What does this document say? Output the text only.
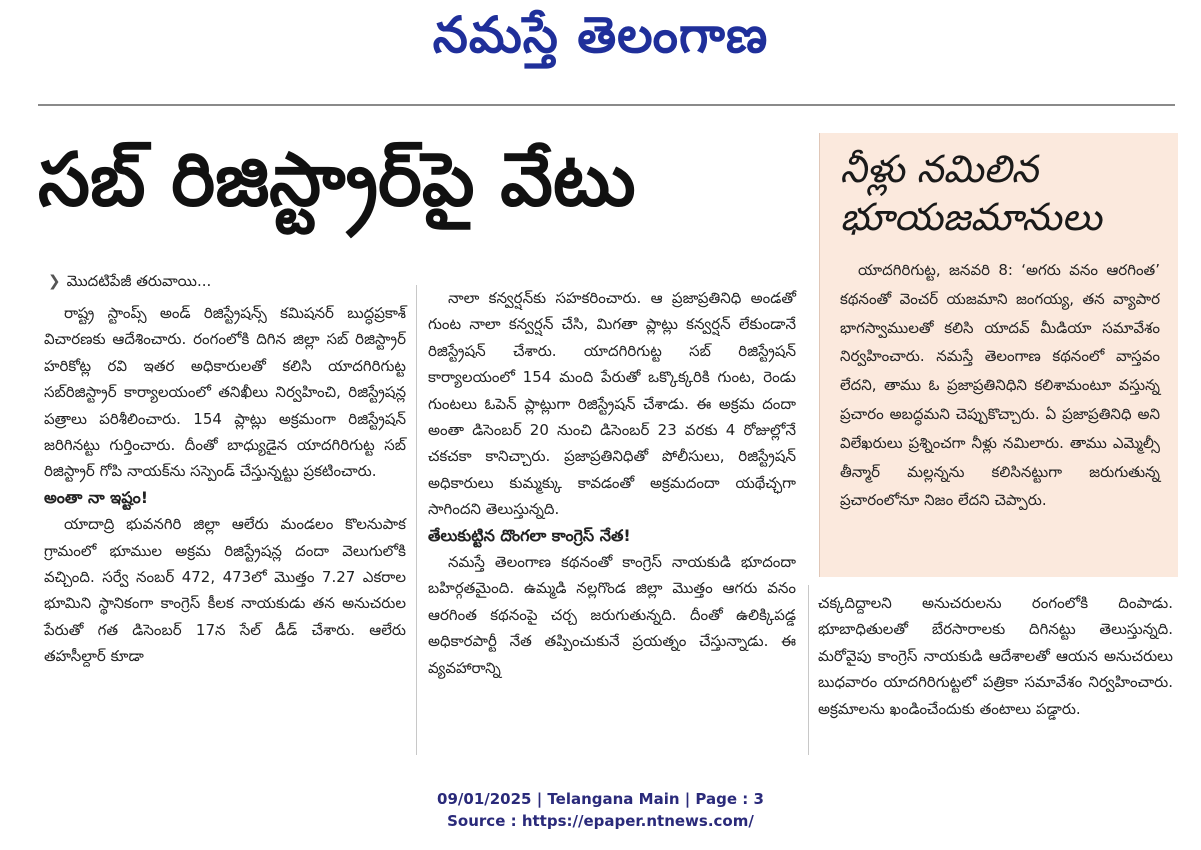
నమస్తే తెలంగాణ
సబ్ రిజిస్ట్రార్‌పై వేటు
❯ మొదటిపేజీ తరువాయి...

రాష్ట్ర స్టాంప్స్ అండ్ రిజిస్ట్రేషన్స్ కమిషనర్ బుద్ధప్రకాశ్ విచారణకు ఆదేశించారు. రంగంలోకి దిగిన జిల్లా సబ్ రిజిస్ట్రార్ హరికోట్ల రవి ఇతర అధికారులతో కలిసి యాదగిరిగుట్ట సబ్‌రిజిస్ట్రార్ కార్యాలయంలో తనిఖీలు నిర్వహించి, రిజిస్ట్రేషన్ల పత్రాలు పరిశీలించారు. 154 ప్లాట్లు అక్రమంగా రిజిస్ట్రేషన్ జరిగినట్టు గుర్తించారు. దీంతో బాధ్యుడైన యాదగిరిగుట్ట సబ్ రిజిస్ట్రార్ గోపి నాయక్‌ను సస్పెండ్ చేస్తున్నట్టు ప్రకటించారు.

అంతా నా ఇష్టం!

యాదాద్రి భువనగిరి జిల్లా ఆలేరు మండలం కొలనుపాక గ్రామంలో భూముల అక్రమ రిజిస్ట్రేషన్ల దందా వెలుగులోకి వచ్చింది. సర్వే నంబర్ 472, 473లో మొత్తం 7.27 ఎకరాల భూమిని స్థానికంగా కాంగ్రెస్ కీలక నాయకుడు తన అనుచరుల పేరుతో గత డిసెంబర్ 17న సేల్ డీడ్ చేశారు. ఆలేరు తహసీల్దార్ కూడా

నాలా కన్వర్షన్‌కు సహకరించారు. ఆ ప్రజాప్రతినిధి అండతో గుంట నాలా కన్వర్షన్ చేసి, మిగతా ప్లాట్లు కన్వర్షన్ లేకుండానే రిజిస్ట్రేషన్ చేశారు. యాదగిరిగుట్ట సబ్ రిజిస్ట్రేషన్ కార్యాలయంలో 154 మంది పేరుతో ఒక్కొక్కరికి గుంట, రెండు గుంటలు ఓపెన్ ప్లాట్లుగా రిజిస్ట్రేషన్ చేశాడు. ఈ అక్రమ దందా అంతా డిసెంబర్ 20 నుంచి డిసెంబర్ 23 వరకు 4 రోజుల్లోనే చకచకా కానిచ్చారు. ప్రజాప్రతినిధితో పోలీసులు, రిజిస్ట్రేషన్ అధికారులు కుమ్మక్కు కావడంతో అక్రమదందా యథేచ్ఛగా సాగిందని తెలుస్తున్నది.

తేలుకుట్టిన దొంగలా కాంగ్రెస్ నేత!

నమస్తే తెలంగాణ కథనంతో కాంగ్రెస్ నాయకుడి భూదందా బహిర్గతమైంది. ఉమ్మడి నల్లగొండ జిల్లా మొత్తం ఆగరు వనం ఆరగింత కథనంపై చర్చ జరుగుతున్నది. దీంతో ఉలిక్కిపడ్డ అధికారపార్టీ నేత తప్పించుకునే ప్రయత్నం చేస్తున్నాడు. ఈ వ్యవహారాన్ని

నీళ్లు నమిలిన భూయజమానులు

యాదగిరిగుట్ట, జనవరి 8: ‘అగరు వనం ఆరగింత’ కథనంతో వెంచర్ యజమాని జంగయ్య, తన వ్యాపార భాగస్వాములతో కలిసి యాదవ్ మీడియా సమావేశం నిర్వహించారు. నమస్తే తెలంగాణ కథనంలో వాస్తవం లేదని, తాము ఓ ప్రజాప్రతినిధిని కలిశామంటూ వస్తున్న ప్రచారం అబద్ధమని చెప్పుకొచ్చారు. ఏ ప్రజాప్రతినిధి అని విలేఖరులు ప్రశ్నించగా నీళ్లు నమిలారు. తాము ఎమ్మెల్సీ తీన్మార్ మల్లన్నను కలిసినట్టుగా జరుగుతున్న ప్రచారంలోనూ నిజం లేదని చెప్పారు.

చక్కదిద్దాలని అనుచరులను రంగంలోకి దింపాడు. భూబాధితులతో బేరసారాలకు దిగినట్టు తెలుస్తున్నది. మరోవైపు కాంగ్రెస్ నాయకుడి ఆదేశాలతో ఆయన అనుచరులు బుధవారం యాదగిరిగుట్టలో పత్రికా సమావేశం నిర్వహించారు. అక్రమాలను ఖండించేందుకు తంటాలు పడ్డారు.

09/01/2025 | Telangana Main | Page : 3
Source : https://epaper.ntnews.com/
